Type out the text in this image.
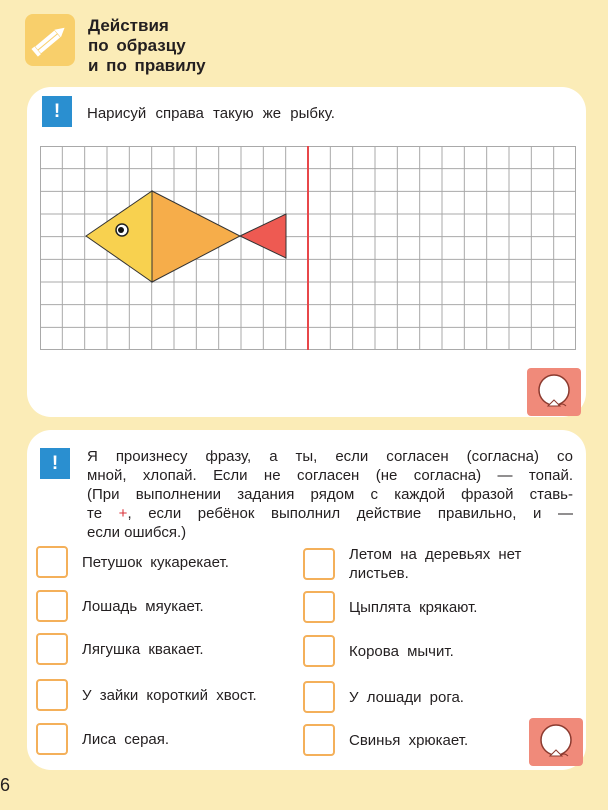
Действия
по образцу
и по правилу
!	Нарисуй справа такую же рыбку.
!	Я произнесу фразу, а ты, если согласен (согласна) со
мной, хлопай. Если не согласен (не согласна) — топай.
(При выполнении задания рядом с каждой фразой ставь-
те +, если ребёнок выполнил действие правильно, и —
если ошибся.)
Петушок кукарекает.
Лошадь мяукает.
Лягушка квакает.
У зайки короткий хвост.
Лиса серая.
Летом на деревьях нет
листьев.
Цыплята крякают.
Корова мычит.
У лошади рога.
Свинья хрюкает.
6
